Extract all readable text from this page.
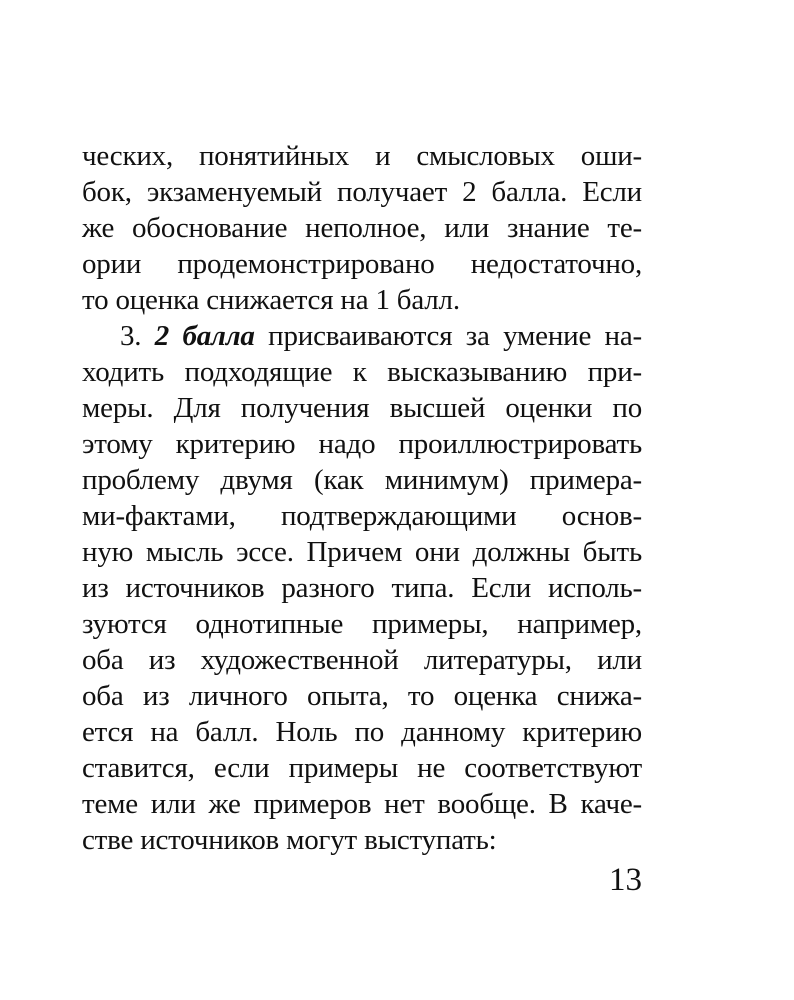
ческих, понятийных и смысловых оши-
бок, экзаменуемый получает 2 балла. Если
же обоснование неполное, или знание те-
ории продемонстрировано недостаточно,
то оценка снижается на 1 балл.
3. 2 балла присваиваются за умение на-
ходить подходящие к высказыванию при-
меры. Для получения высшей оценки по
этому критерию надо проиллюстрировать
проблему двумя (как минимум) примера-
ми-фактами, подтверждающими основ-
ную мысль эссе. Причем они должны быть
из источников разного типа. Если исполь-
зуются однотипные примеры, например,
оба из художественной литературы, или
оба из личного опыта, то оценка снижа-
ется на балл. Ноль по данному критерию
ставится, если примеры не соответствуют
теме или же примеров нет вообще. В каче-
стве источников могут выступать:
13
